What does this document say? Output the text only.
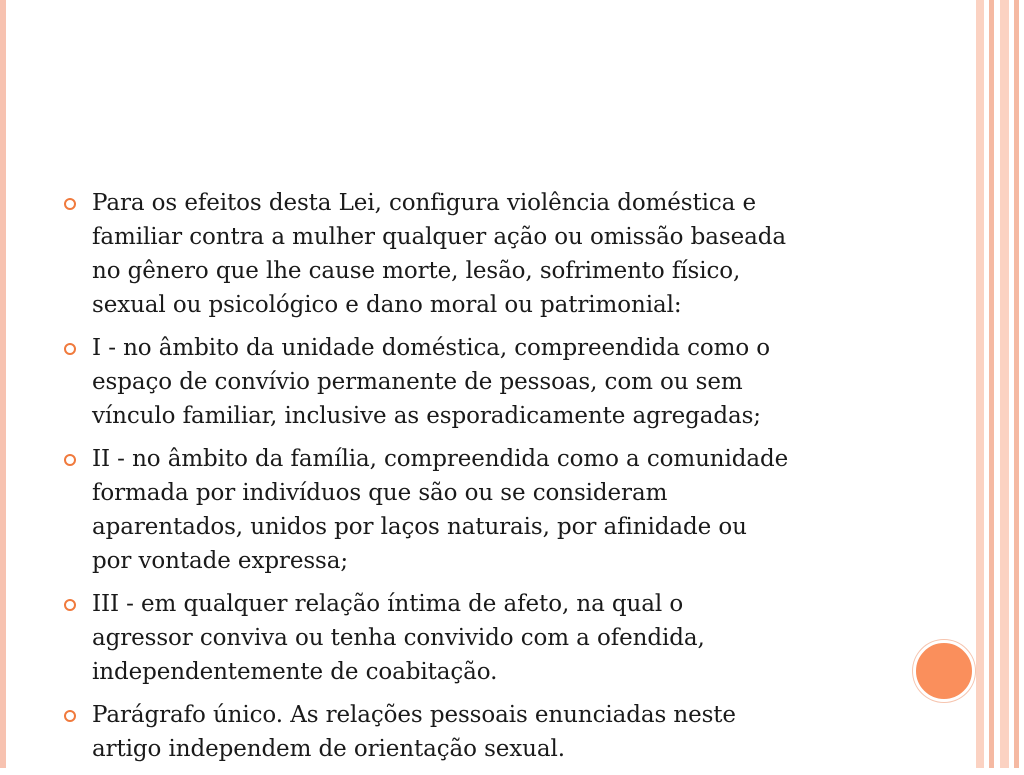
Para os efeitos desta Lei, configura violência doméstica e
familiar contra a mulher qualquer ação ou omissão baseada
no gênero que lhe cause morte, lesão, sofrimento físico,
sexual ou psicológico e dano moral ou patrimonial:
I - no âmbito da unidade doméstica, compreendida como o
espaço de convívio permanente de pessoas, com ou sem
vínculo familiar, inclusive as esporadicamente agregadas;
II - no âmbito da família, compreendida como a comunidade
formada por indivíduos que são ou se consideram
aparentados, unidos por laços naturais, por afinidade ou
por vontade expressa;
III - em qualquer relação íntima de afeto, na qual o
agressor conviva ou tenha convivido com a ofendida,
independentemente de coabitação.
Parágrafo único. As relações pessoais enunciadas neste
artigo independem de orientação sexual.
